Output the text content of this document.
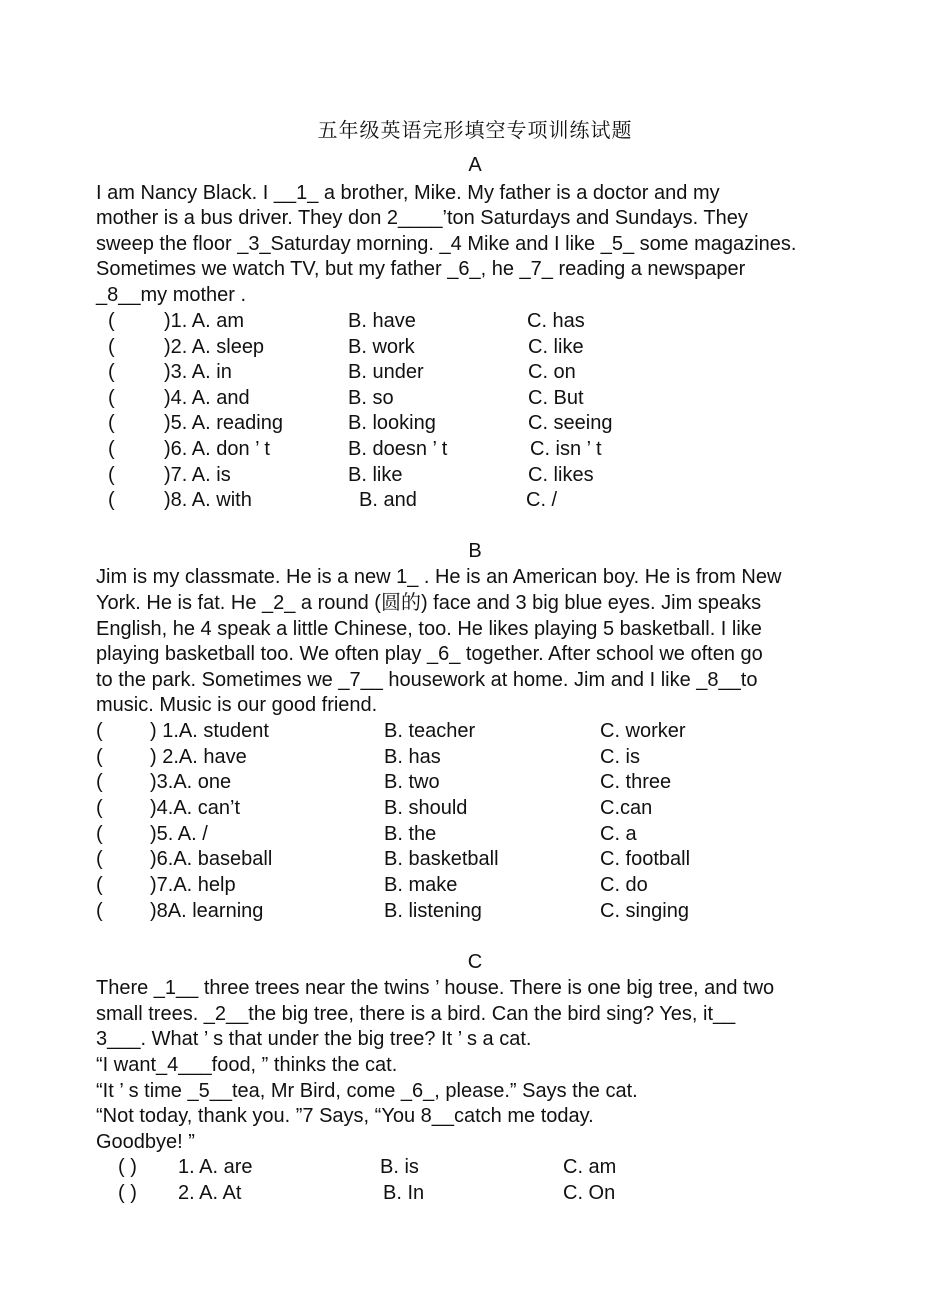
五年级英语完形填空专项训练试题
A
I am Nancy Black. I __1_ a brother, Mike. My father is a doctor and my
mother is a bus driver. They don 2____’ton Saturdays and Sundays. They
sweep the floor _3_Saturday morning. _4 Mike and I like _5_ some magazines.
Sometimes we watch TV, but my father _6_, he _7_ reading a newspaper
_8__my mother .
( )1. A. am	B. have	C. has
( )2. A. sleep	B. work	C. like
( )3. A. in	B. under	C. on
( )4. A. and	B. so	C. But
( )5. A. reading	B. looking	C. seeing
( )6. A. don ’ t	B. doesn ’ t	C. isn ’ t
( )7. A. is	B. like	C. likes
( )8. A. with	B. and	C. /
B
Jim is my classmate. He is a new 1_ . He is an American boy. He is from New
York. He is fat. He _2_ a round (圆的) face and 3 big blue eyes. Jim speaks
English, he 4 speak a little Chinese, too. He likes playing 5 basketball. I like
playing basketball too. We often play _6_ together. After school we often go
to the park. Sometimes we _7__ housework at home. Jim and I like _8__to
music. Music is our good friend.
( ) 1.A. student	B. teacher	C. worker
( ) 2.A. have	B. has	C. is
( )3.A. one	B. two	C. three
( )4.A. can’t	B. should	C.can
( )5. A. /	B. the	C. a
( )6.A. baseball	B. basketball	C. football
( )7.A. help	B. make	C. do
( )8A. learning	B. listening	C. singing
C
There _1__ three trees near the twins ’ house. There is one big tree, and two
small trees. _2__the big tree, there is a bird. Can the bird sing? Yes, it__
3___. What ’ s that under the big tree? It ’ s a cat.
“I want_4___food, ” thinks the cat.
“It ’ s time _5__tea, Mr Bird, come _6_, please.” Says the cat.
“Not today, thank you. ”7 Says, “You 8__catch me today.
Goodbye! ”
( ) 1. A. are	B. is	C. am
( ) 2. A. At	B. In	C. On
